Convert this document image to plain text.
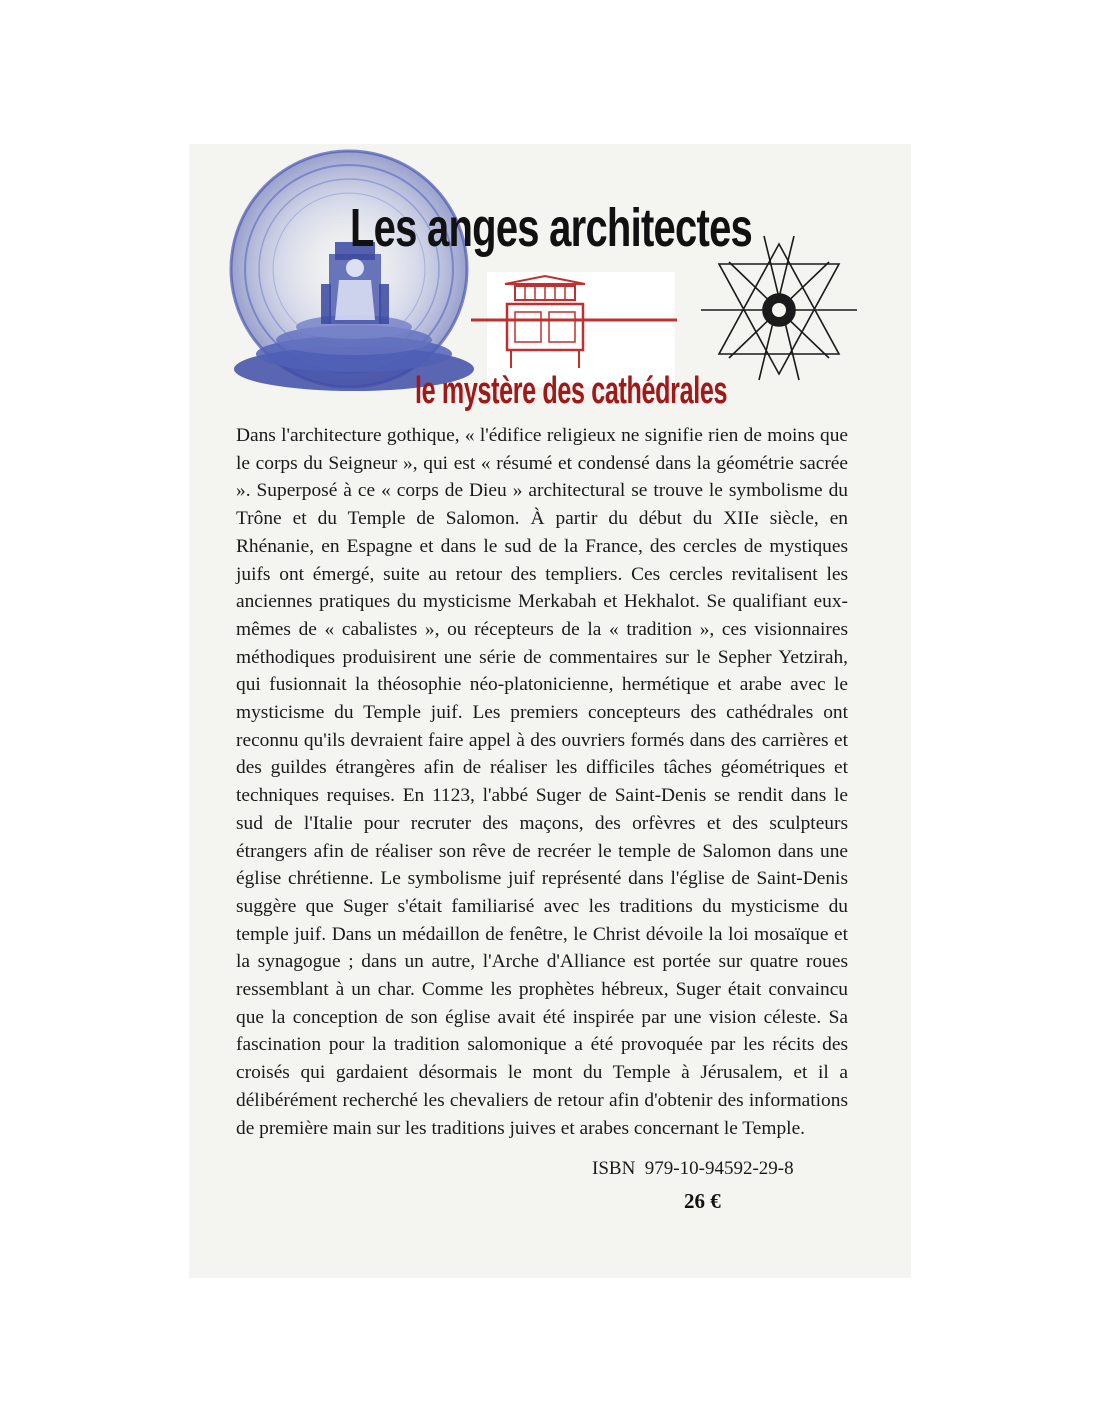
Les anges architectes
le mystère des cathédrales

Dans l'architecture gothique, « l'édifice religieux ne signifie rien de moins que le corps du Seigneur », qui est « résumé et condensé dans la géométrie sacrée ». Superposé à ce « corps de Dieu » architectural se trouve le symbolisme du Trône et du Temple de Salomon. À partir du début du XIIe siècle, en Rhénanie, en Espagne et dans le sud de la France, des cercles de mystiques juifs ont émergé, suite au retour des templiers. Ces cercles revitalisent les anciennes pratiques du mysticisme Merkabah et Hekhalot. Se qualifiant eux-mêmes de « cabalistes », ou récepteurs de la « tradition », ces visionnaires méthodiques produisirent une série de commentaires sur le Sepher Yetzirah, qui fusionnait la théosophie néo-platonicienne, hermétique et arabe avec le mysticisme du Temple juif. Les premiers concepteurs des cathédrales ont reconnu qu'ils devraient faire appel à des ouvriers formés dans des carrières et des guildes étrangères afin de réaliser les difficiles tâches géométriques et techniques requises. En 1123, l'abbé Suger de Saint-Denis se rendit dans le sud de l'Italie pour recruter des maçons, des orfèvres et des sculpteurs étrangers afin de réaliser son rêve de recréer le temple de Salomon dans une église chrétienne. Le symbolisme juif représenté dans l'église de Saint-Denis suggère que Suger s'était familiarisé avec les traditions du mysticisme du temple juif. Dans un médaillon de fenêtre, le Christ dévoile la loi mosaïque et la synagogue ; dans un autre, l'Arche d'Alliance est portée sur quatre roues ressemblant à un char. Comme les prophètes hébreux, Suger était convaincu que la conception de son église avait été inspirée par une vision céleste. Sa fascination pour la tradition salomonique a été provoquée par les récits des croisés qui gardaient désormais le mont du Temple à Jérusalem, et il a délibérément recherché les chevaliers de retour afin d'obtenir des informations de première main sur les traditions juives et arabes concernant le Temple.

ISBN  979-10-94592-29-8

26 €
